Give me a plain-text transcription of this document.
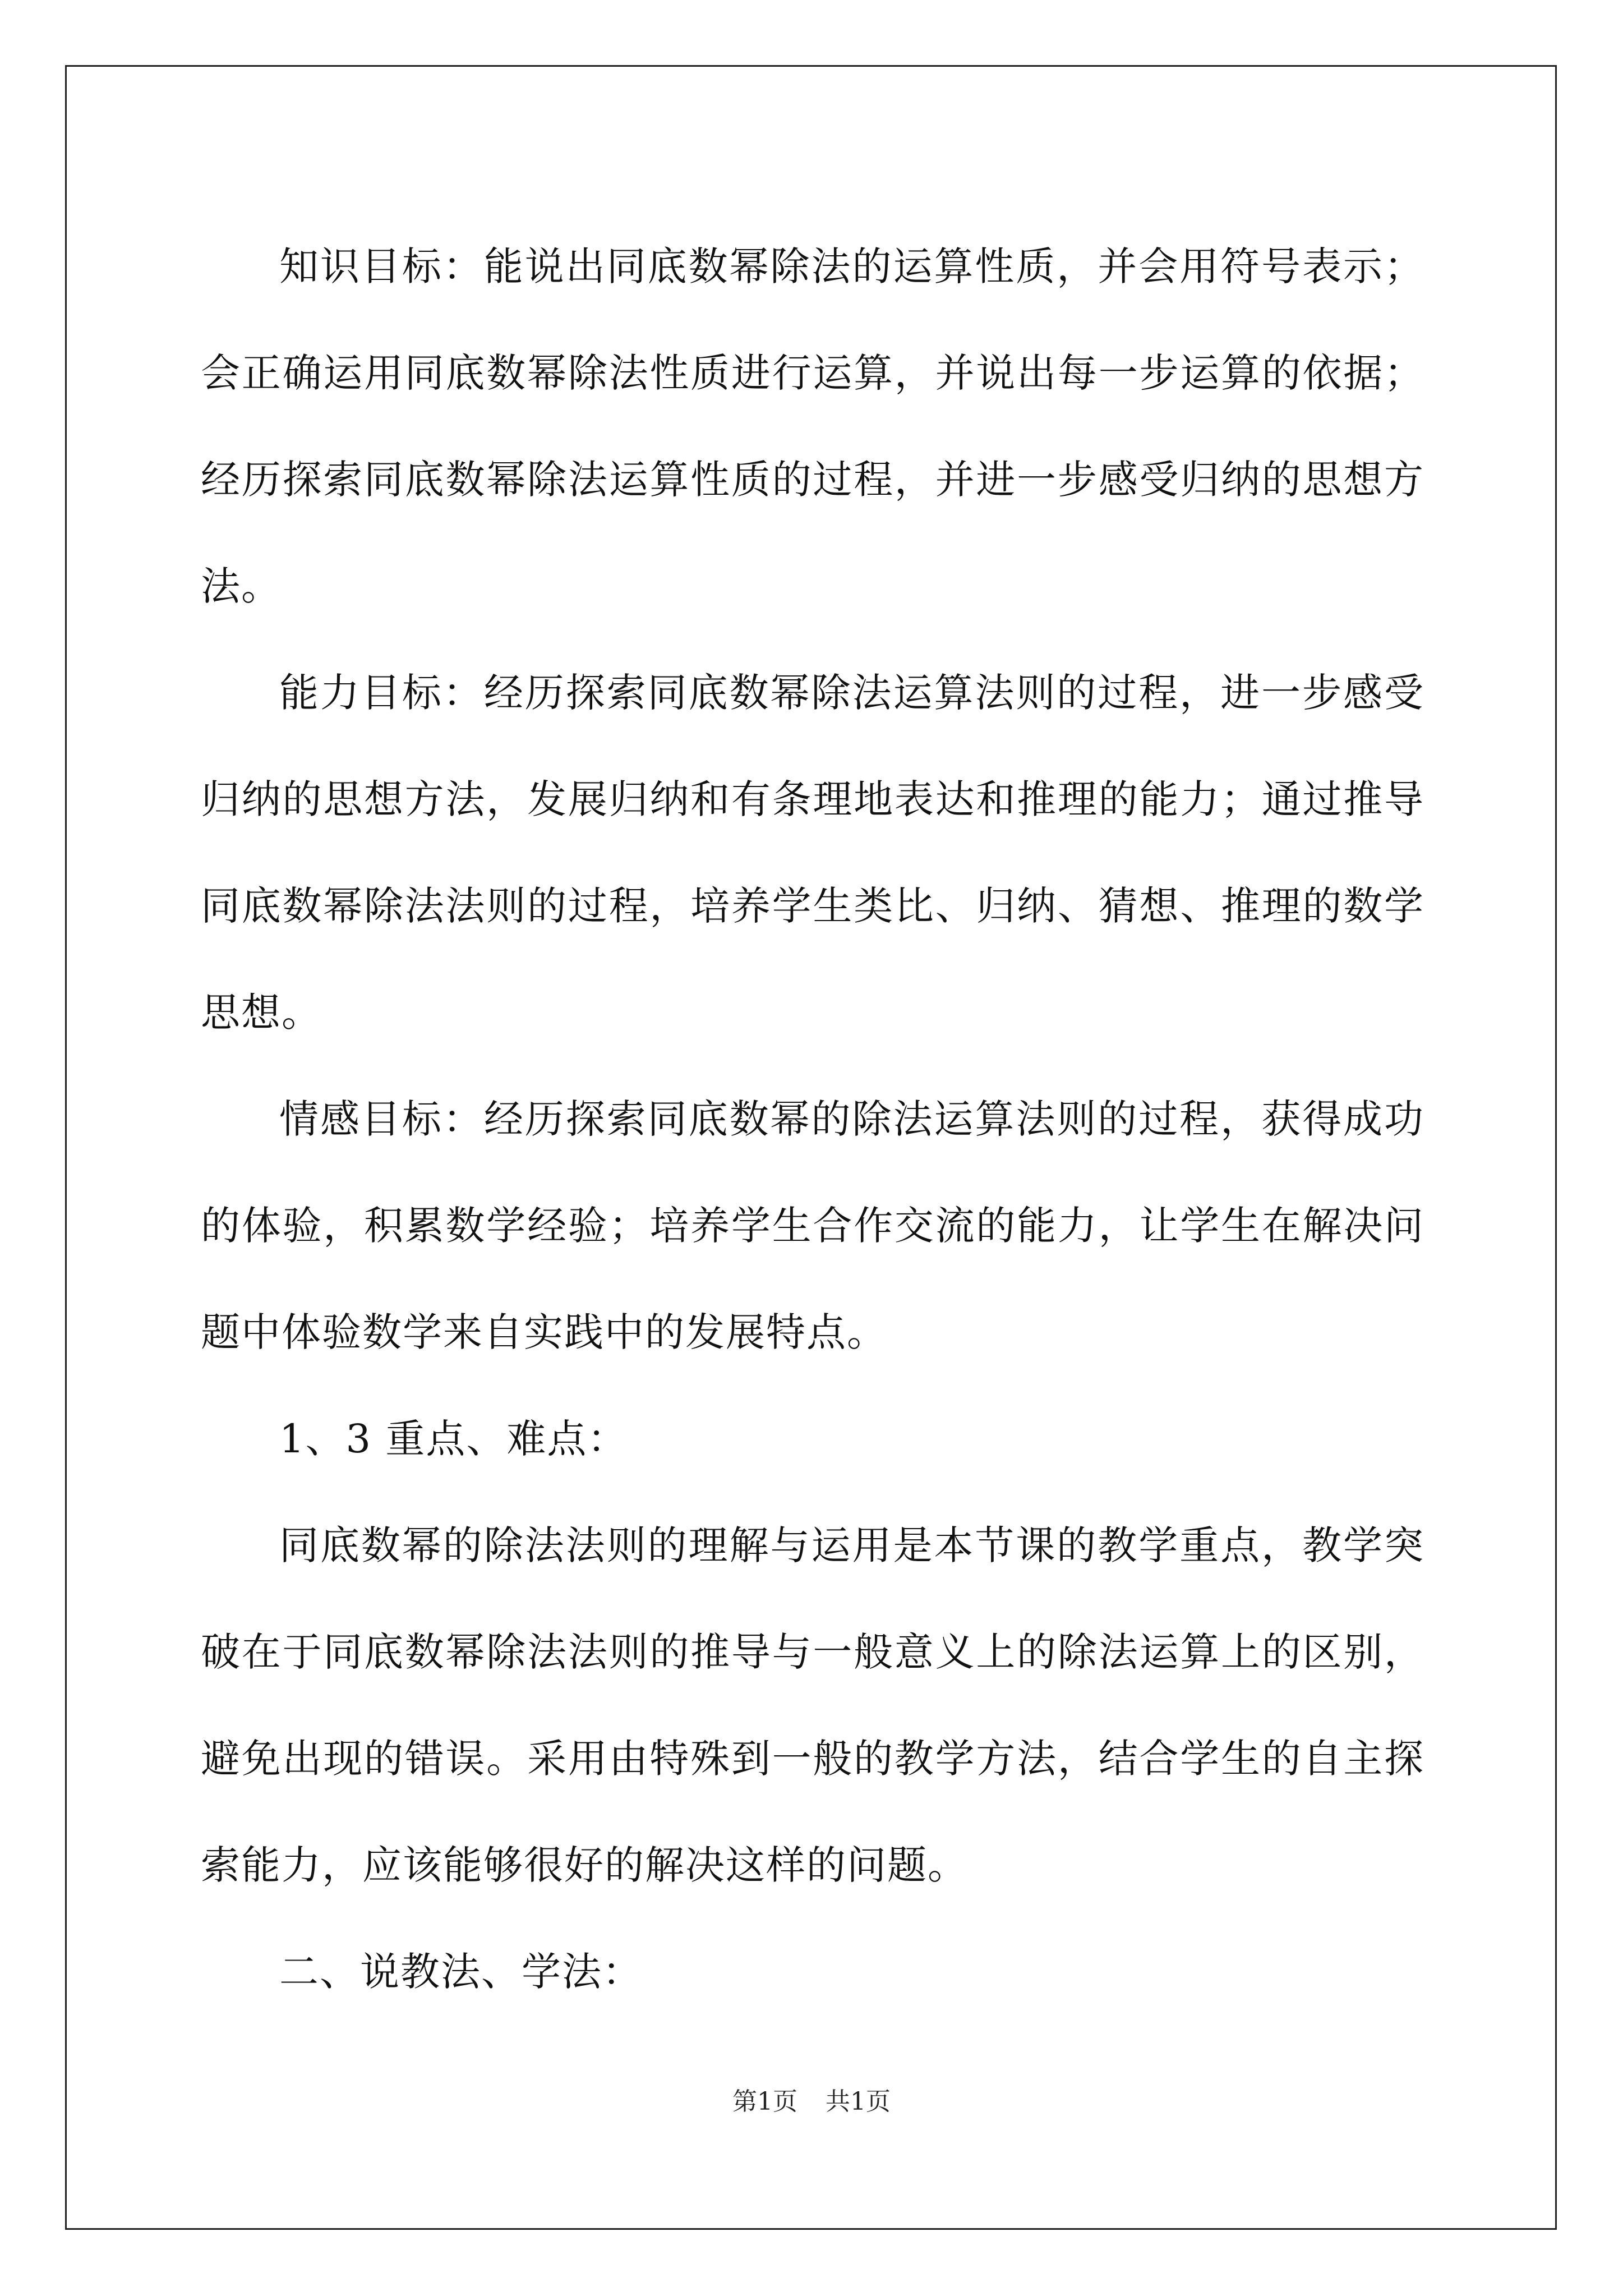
知识目标：能说出同底数幂除法的运算性质，并会用符号表示；会正确运用同底数幂除法性质进行运算，并说出每一步运算的依据；经历探索同底数幂除法运算性质的过程，并进一步感受归纳的思想方法。

能力目标：经历探索同底数幂除法运算法则的过程，进一步感受归纳的思想方法，发展归纳和有条理地表达和推理的能力；通过推导同底数幂除法法则的过程，培养学生类比、归纳、猜想、推理的数学思想。

情感目标：经历探索同底数幂的除法运算法则的过程，获得成功的体验，积累数学经验；培养学生合作交流的能力，让学生在解决问题中体验数学来自实践中的发展特点。

1、3 重点、难点：

同底数幂的除法法则的理解与运用是本节课的教学重点，教学突破在于同底数幂除法法则的推导与一般意义上的除法运算上的区别，避免出现的错误。采用由特殊到一般的教学方法，结合学生的自主探索能力，应该能够很好的解决这样的问题。

二、说教法、学法：

第1页 共1页
